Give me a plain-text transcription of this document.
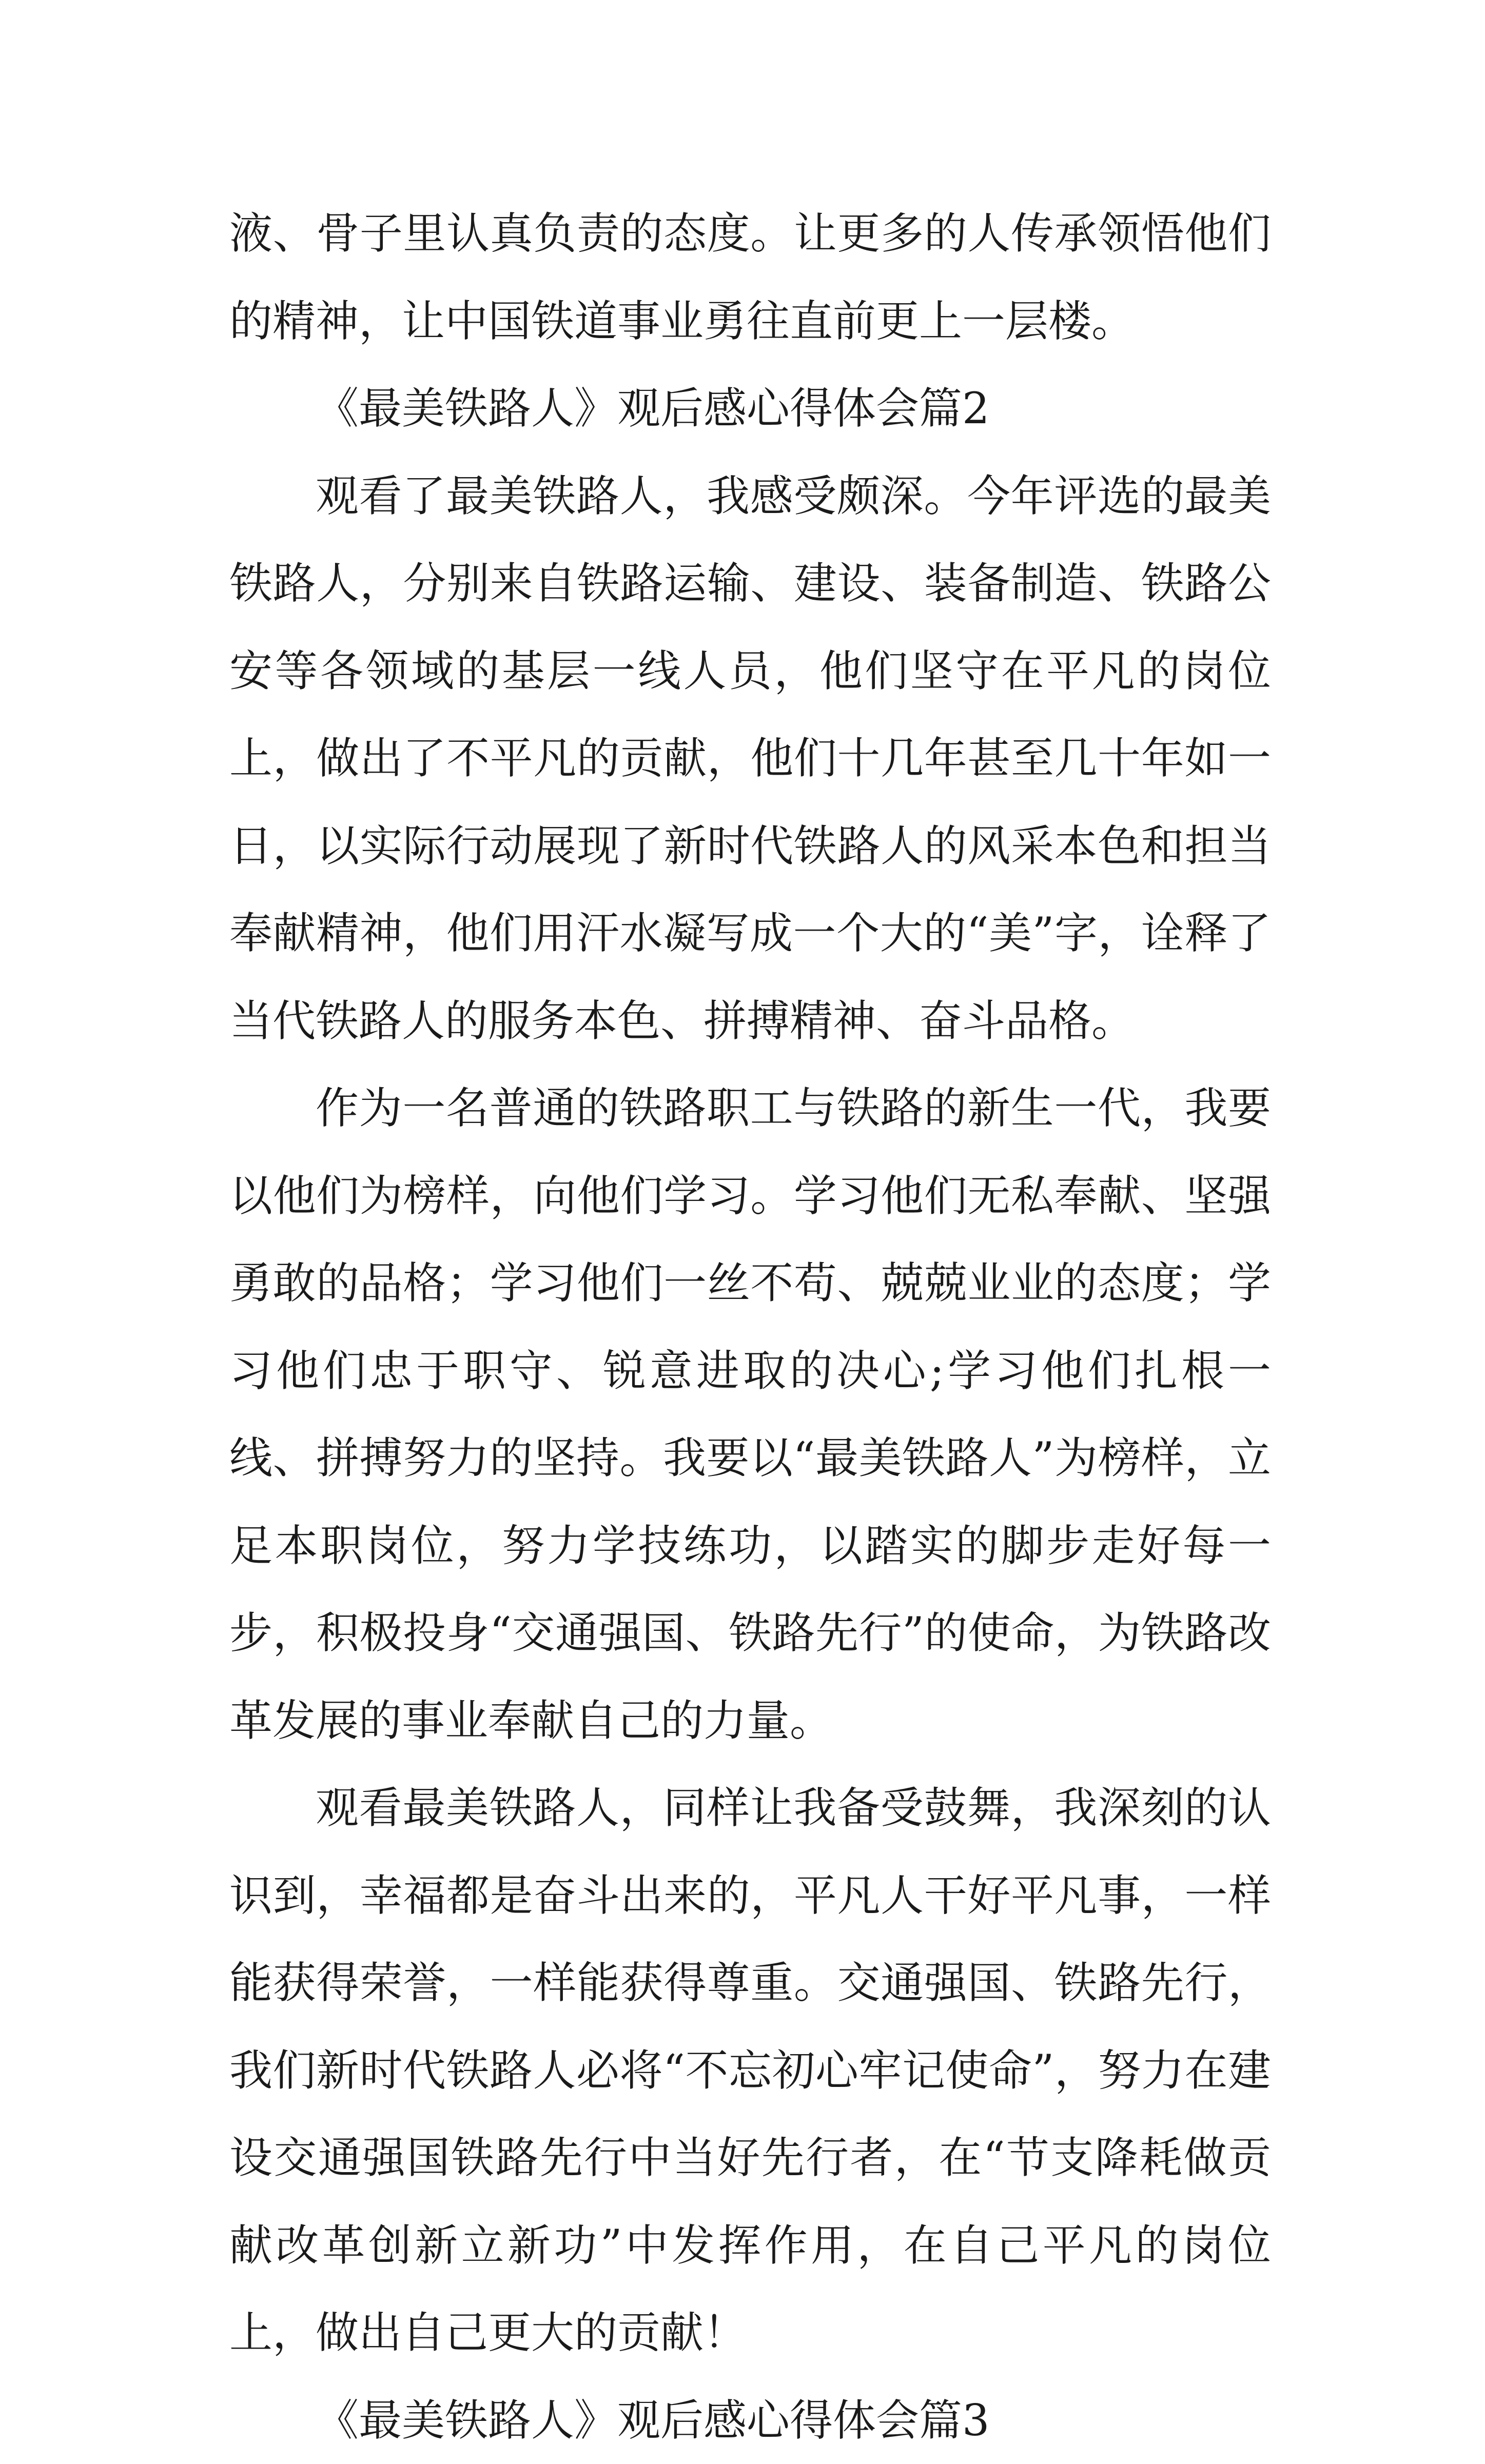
液、骨子里认真负责的态度。让更多的人传承领悟他们的精神，让中国铁道事业勇往直前更上一层楼。

《最美铁路人》观后感心得体会篇2

观看了最美铁路人，我感受颇深。今年评选的最美铁路人，分别来自铁路运输、建设、装备制造、铁路公安等各领域的基层一线人员，他们坚守在平凡的岗位上，做出了不平凡的贡献，他们十几年甚至几十年如一日，以实际行动展现了新时代铁路人的风采本色和担当奉献精神，他们用汗水凝写成一个大的“美”字，诠释了当代铁路人的服务本色、拼搏精神、奋斗品格。

作为一名普通的铁路职工与铁路的新生一代，我要以他们为榜样，向他们学习。学习他们无私奉献、坚强勇敢的品格；学习他们一丝不苟、兢兢业业的态度；学习他们忠于职守、锐意进取的决心;学习他们扎根一线、拼搏努力的坚持。我要以“最美铁路人”为榜样，立足本职岗位，努力学技练功，以踏实的脚步走好每一步，积极投身“交通强国、铁路先行”的使命，为铁路改革发展的事业奉献自己的力量。

观看最美铁路人，同样让我备受鼓舞，我深刻的认识到，幸福都是奋斗出来的，平凡人干好平凡事，一样能获得荣誉，一样能获得尊重。交通强国、铁路先行，我们新时代铁路人必将“不忘初心牢记使命”，努力在建设交通强国铁路先行中当好先行者，在“节支降耗做贡献改革创新立新功”中发挥作用，在自己平凡的岗位上，做出自己更大的贡献！

《最美铁路人》观后感心得体会篇3
